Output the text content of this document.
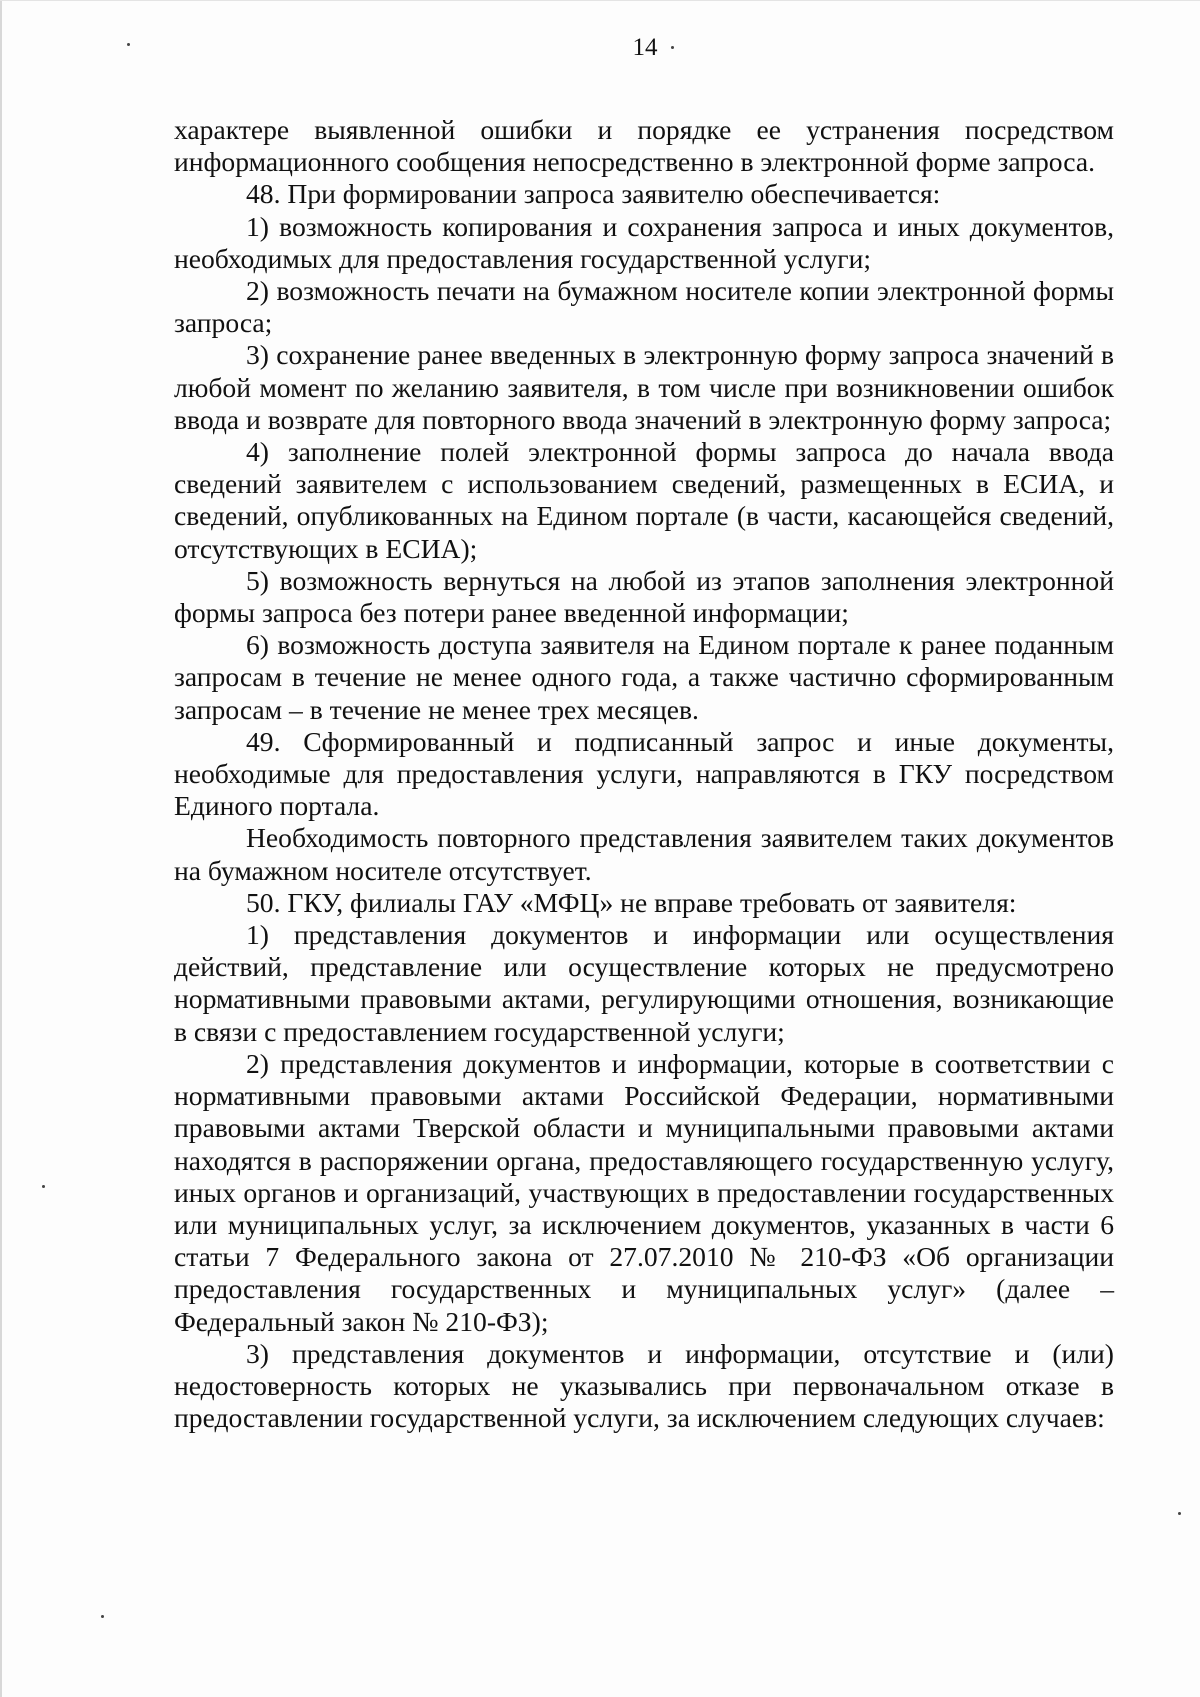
14

характере выявленной ошибки и порядке ее устранения посредством информационного сообщения непосредственно в электронной форме запроса.

48. При формировании запроса заявителю обеспечивается:

1) возможность копирования и сохранения запроса и иных документов, необходимых для предоставления государственной услуги;

2) возможность печати на бумажном носителе копии электронной формы запроса;

3) сохранение ранее введенных в электронную форму запроса значений в любой момент по желанию заявителя, в том числе при возникновении ошибок ввода и возврате для повторного ввода значений в электронную форму запроса;

4) заполнение полей электронной формы запроса до начала ввода сведений заявителем с использованием сведений, размещенных в ЕСИА, и сведений, опубликованных на Едином портале (в части, касающейся сведений, отсутствующих в ЕСИА);

5) возможность вернуться на любой из этапов заполнения электронной формы запроса без потери ранее введенной информации;

6) возможность доступа заявителя на Едином портале к ранее поданным запросам в течение не менее одного года, а также частично сформированным запросам – в течение не менее трех месяцев.

49. Сформированный и подписанный запрос и иные документы, необходимые для предоставления услуги, направляются в ГКУ посредством Единого портала.

Необходимость повторного представления заявителем таких документов на бумажном носителе отсутствует.

50. ГКУ, филиалы ГАУ «МФЦ» не вправе требовать от заявителя:

1) представления документов и информации или осуществления действий, представление или осуществление которых не предусмотрено нормативными правовыми актами, регулирующими отношения, возникающие в связи с предоставлением государственной услуги;

2) представления документов и информации, которые в соответствии с нормативными правовыми актами Российской Федерации, нормативными правовыми актами Тверской области и муниципальными правовыми актами находятся в распоряжении органа, предоставляющего государственную услугу, иных органов и организаций, участвующих в предоставлении государственных или муниципальных услуг, за исключением документов, указанных в части 6 статьи 7 Федерального закона от 27.07.2010 № 210-ФЗ «Об организации предоставления государственных и муниципальных услуг» (далее – Федеральный закон № 210-ФЗ);

3) представления документов и информации, отсутствие и (или) недостоверность которых не указывались при первоначальном отказе в предоставлении государственной услуги, за исключением следующих случаев:
